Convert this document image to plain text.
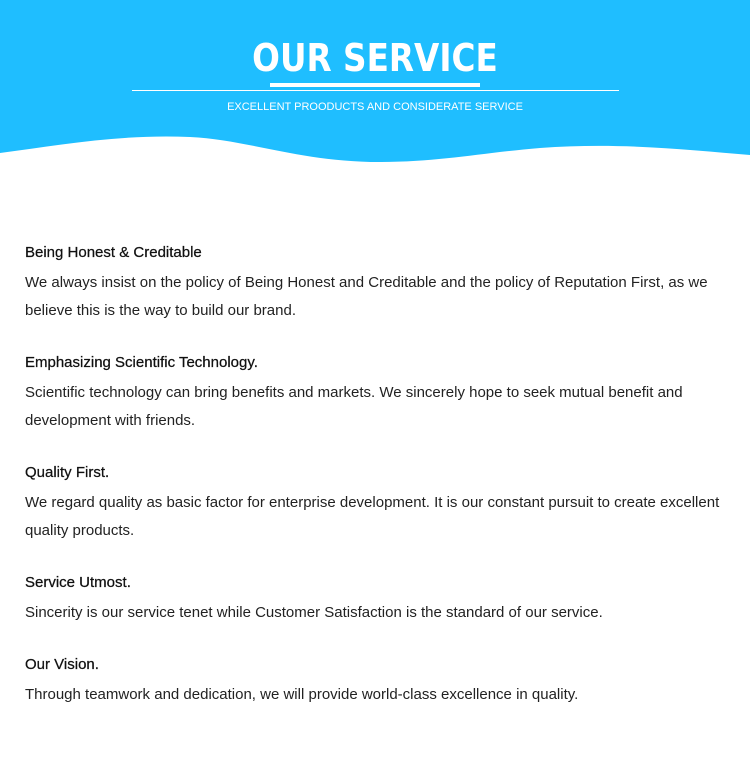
OUR SERVICE
EXCELLENT PROODUCTS AND CONSIDERATE SERVICE
Being Honest & Creditable

We always insist on the policy of Being Honest and Creditable and the policy of Reputation First, as we believe this is the way to build our brand.

Emphasizing Scientific Technology.

Scientific technology can bring benefits and markets. We sincerely hope to seek mutual benefit and development with friends.

Quality First.

We regard quality as basic factor for enterprise development. It is our constant pursuit to create excellent quality products.

Service Utmost.

Sincerity is our service tenet while Customer Satisfaction is the standard of our service.

Our Vision.

Through teamwork and dedication, we will provide world-class excellence in quality.
